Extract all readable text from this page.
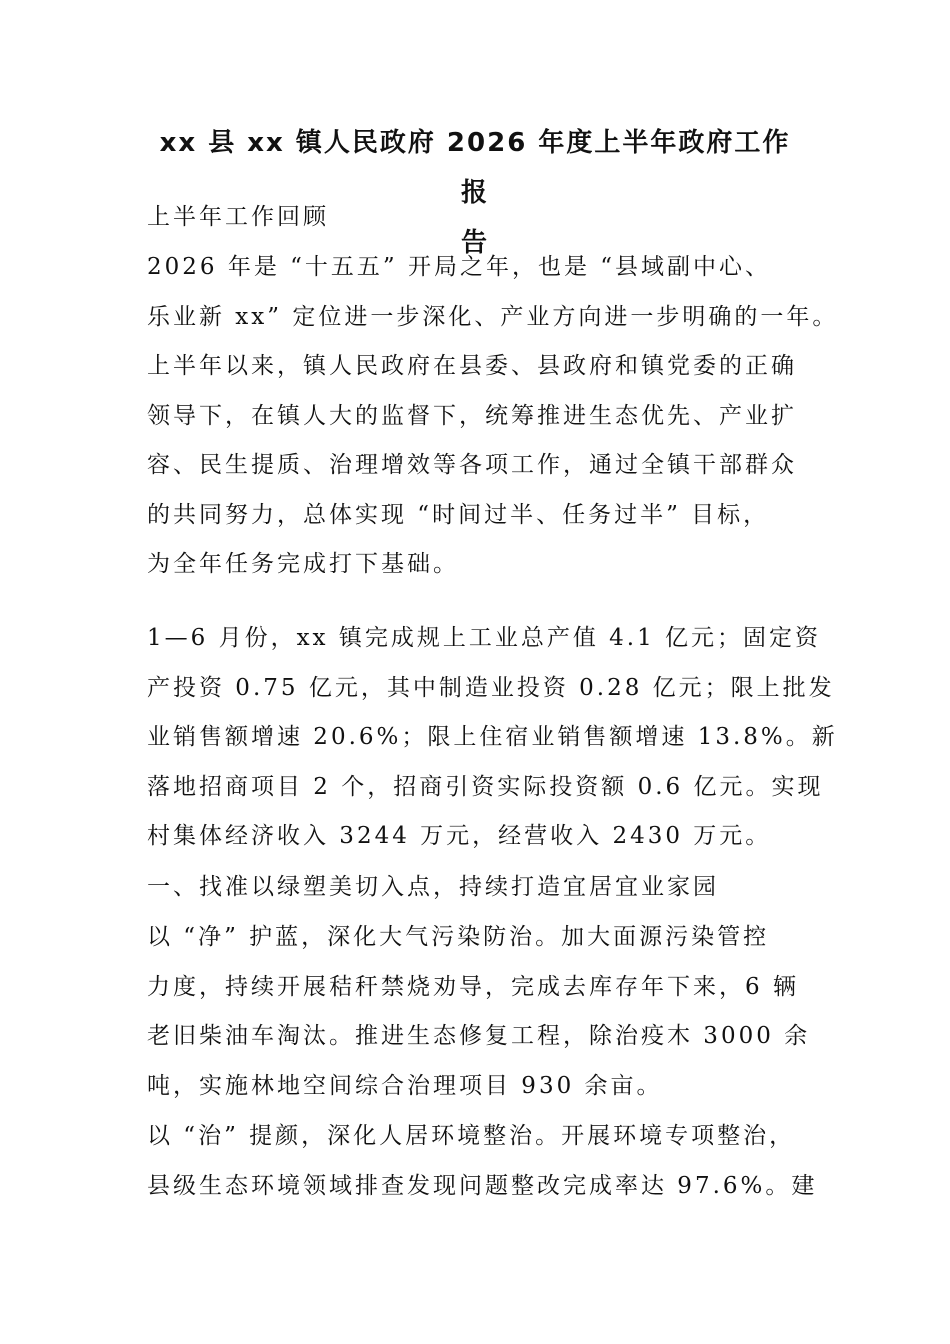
xx 县 xx 镇人民政府 2026 年度上半年政府工作报
告
上半年工作回顾
2026 年是 “十五五” 开局之年，也是 “县域副中心、
乐业新 xx” 定位进一步深化、产业方向进一步明确的一年。
上半年以来，镇人民政府在县委、县政府和镇党委的正确
领导下，在镇人大的监督下，统筹推进生态优先、产业扩
容、民生提质、治理增效等各项工作，通过全镇干部群众
的共同努力，总体实现 “时间过半、任务过半” 目标，
为全年任务完成打下基础。
1—6 月份，xx 镇完成规上工业总产值 4.1 亿元；固定资
产投资 0.75 亿元，其中制造业投资 0.28 亿元；限上批发
业销售额增速 20.6%；限上住宿业销售额增速 13.8%。新
落地招商项目 2 个，招商引资实际投资额 0.6 亿元。实现
村集体经济收入 3244 万元，经营收入 2430 万元。
一、找准以绿塑美切入点，持续打造宜居宜业家园
以 “净” 护蓝，深化大气污染防治。加大面源污染管控
力度，持续开展秸秆禁烧劝导，完成去库存年下来，6 辆
老旧柴油车淘汰。推进生态修复工程，除治疫木 3000 余
吨，实施林地空间综合治理项目 930 余亩。
以 “治” 提颜，深化人居环境整治。开展环境专项整治，
县级生态环境领域排查发现问题整改完成率达 97.6%。建
